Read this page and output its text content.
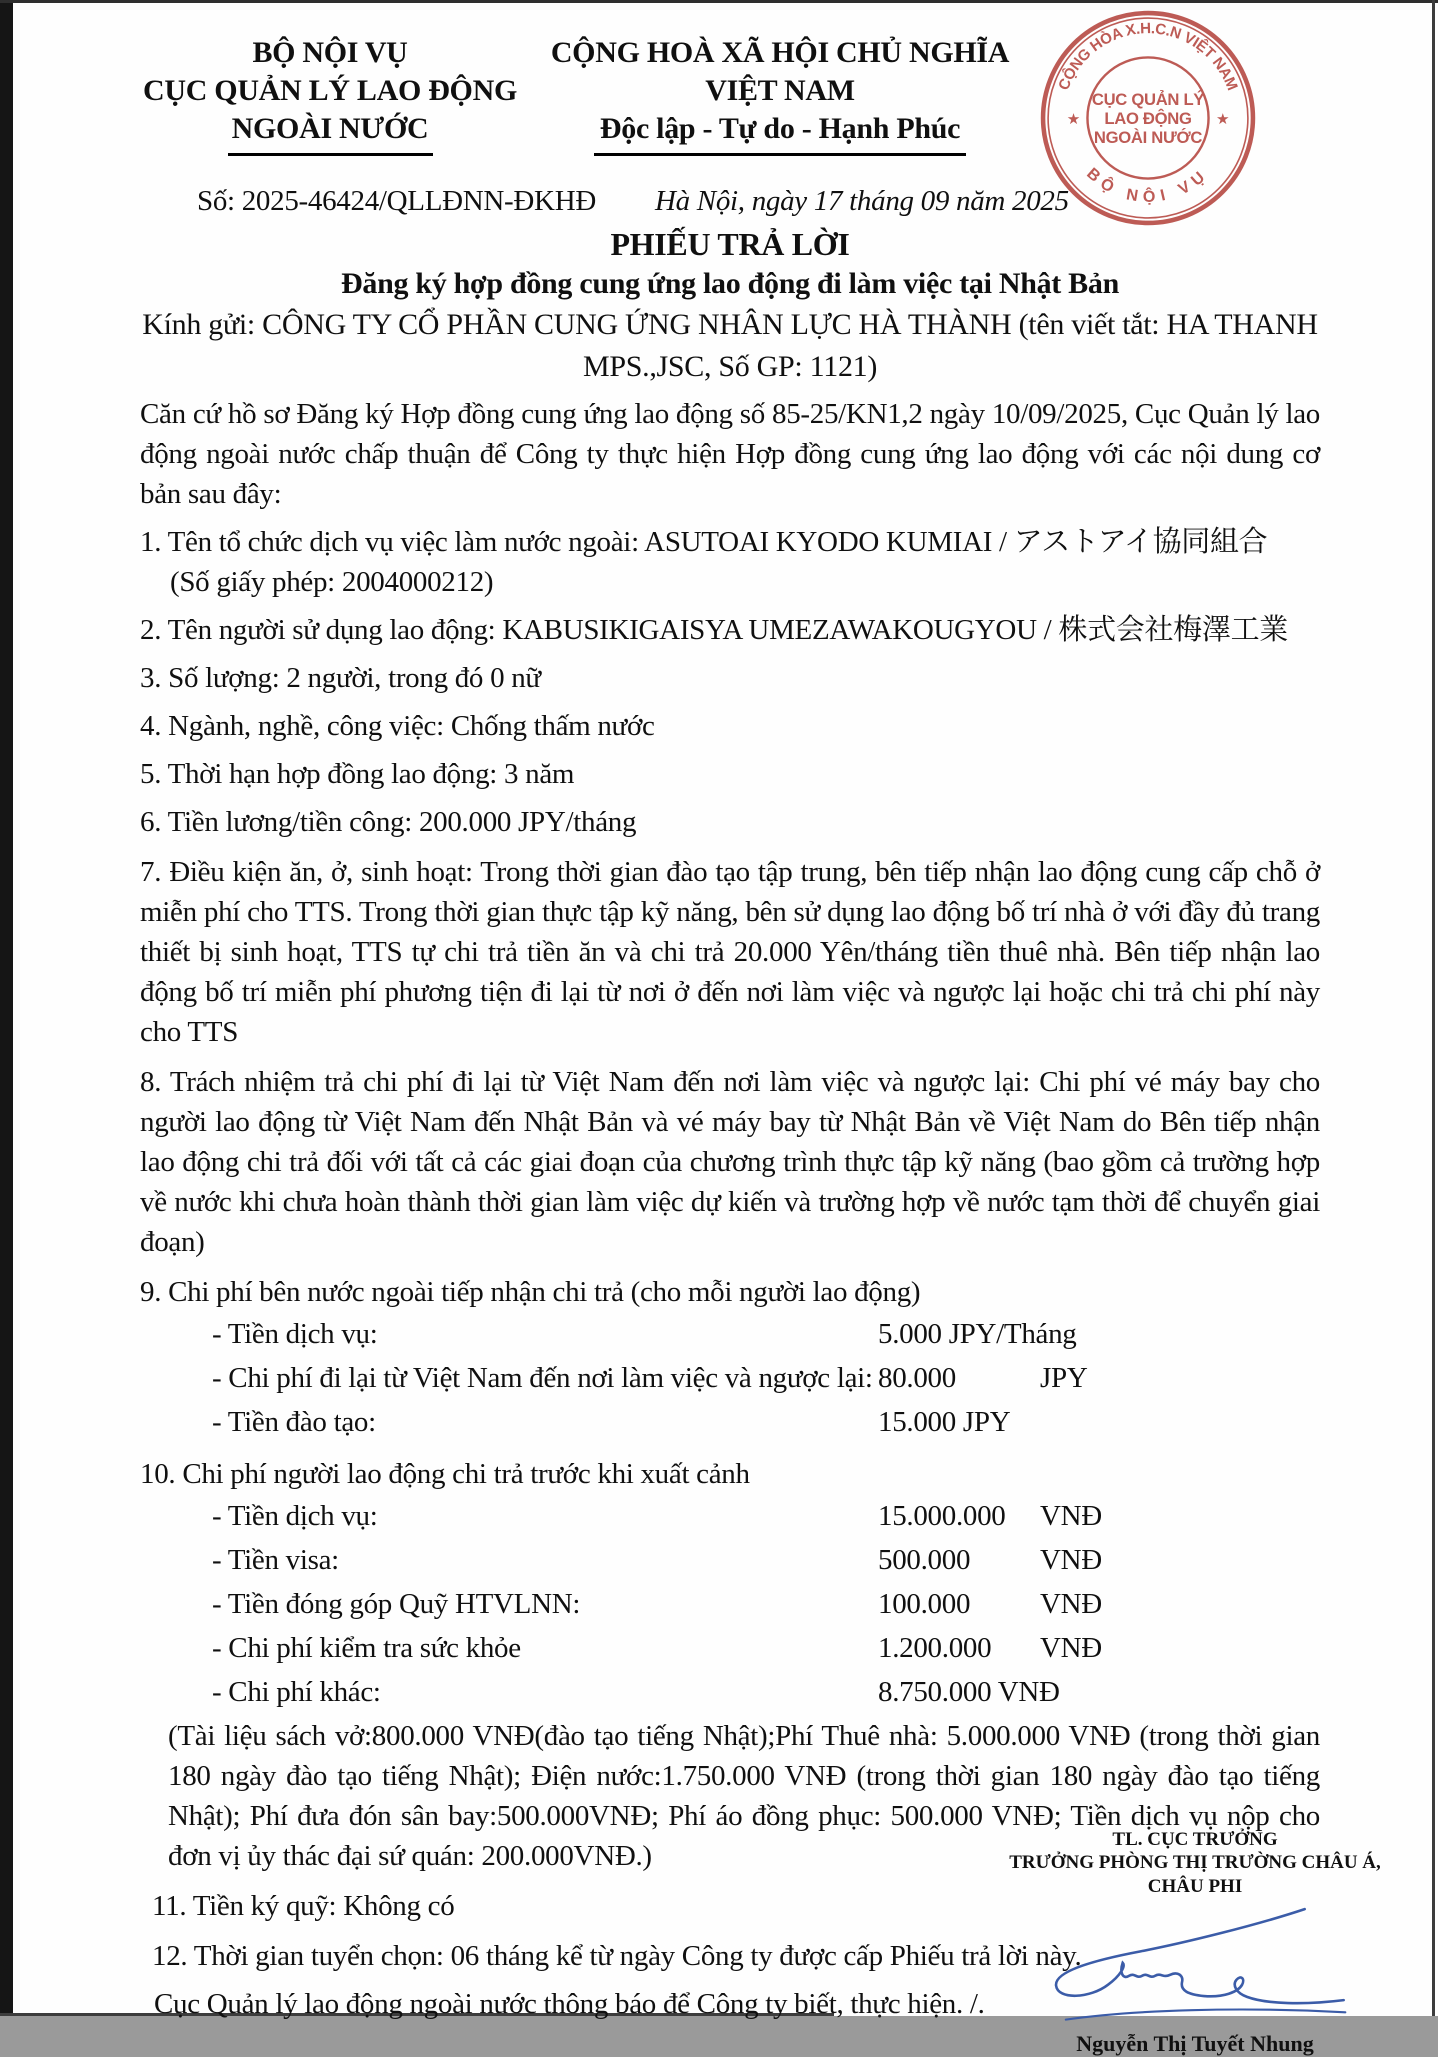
BỘ NỘI VỤ
CỤC QUẢN LÝ LAO ĐỘNG
NGOÀI NƯỚC
CỘNG HOÀ XÃ HỘI CHỦ NGHĨA VIỆT NAM
Độc lập - Tự do - Hạnh Phúc
Số: 2025-46424/QLLĐNN-ĐKHĐ Hà Nội, ngày 17 tháng 09 năm 2025
PHIẾU TRẢ LỜI
Đăng ký hợp đồng cung ứng lao động đi làm việc tại Nhật Bản
Kính gửi: CÔNG TY CỔ PHẦN CUNG ỨNG NHÂN LỰC HÀ THÀNH (tên viết tắt: HA THANH
MPS.,JSC, Số GP: 1121)
Căn cứ hồ sơ Đăng ký Hợp đồng cung ứng lao động số 85-25/KN1,2 ngày 10/09/2025, Cục Quản lý lao động ngoài nước chấp thuận để Công ty thực hiện Hợp đồng cung ứng lao động với các nội dung cơ bản sau đây:
1. Tên tổ chức dịch vụ việc làm nước ngoài: ASUTOAI KYODO KUMIAI / アストアイ協同組合
(Số giấy phép: 2004000212)
2. Tên người sử dụng lao động: KABUSIKIGAISYA UMEZAWAKOUGYOU / 株式会社梅澤工業
3. Số lượng: 2 người, trong đó 0 nữ
4. Ngành, nghề, công việc: Chống thấm nước
5. Thời hạn hợp đồng lao động: 3 năm
6. Tiền lương/tiền công: 200.000 JPY/tháng
7. Điều kiện ăn, ở, sinh hoạt: Trong thời gian đào tạo tập trung, bên tiếp nhận lao động cung cấp chỗ ở miễn phí cho TTS. Trong thời gian thực tập kỹ năng, bên sử dụng lao động bố trí nhà ở với đầy đủ trang thiết bị sinh hoạt, TTS tự chi trả tiền ăn và chi trả 20.000 Yên/tháng tiền thuê nhà. Bên tiếp nhận lao động bố trí miễn phí phương tiện đi lại từ nơi ở đến nơi làm việc và ngược lại hoặc chi trả chi phí này cho TTS
8. Trách nhiệm trả chi phí đi lại từ Việt Nam đến nơi làm việc và ngược lại: Chi phí vé máy bay cho người lao động từ Việt Nam đến Nhật Bản và vé máy bay từ Nhật Bản về Việt Nam do Bên tiếp nhận lao động chi trả đối với tất cả các giai đoạn của chương trình thực tập kỹ năng (bao gồm cả trường hợp về nước khi chưa hoàn thành thời gian làm việc dự kiến và trường hợp về nước tạm thời để chuyển giai đoạn)
9. Chi phí bên nước ngoài tiếp nhận chi trả (cho mỗi người lao động)
- Tiền dịch vụ:	5.000 JPY/Tháng
- Chi phí đi lại từ Việt Nam đến nơi làm việc và ngược lại: 80.000	JPY
- Tiền đào tạo:	15.000 JPY
10. Chi phí người lao động chi trả trước khi xuất cảnh
- Tiền dịch vụ:	15.000.000 VNĐ
- Tiền visa:	500.000 VNĐ
- Tiền đóng góp Quỹ HTVLNN:	100.000 VNĐ
- Chi phí kiểm tra sức khỏe	1.200.000 VNĐ
- Chi phí khác:	8.750.000 VNĐ
(Tài liệu sách vở:800.000 VNĐ(đào tạo tiếng Nhật);Phí Thuê nhà: 5.000.000 VNĐ (trong thời gian 180 ngày đào tạo tiếng Nhật); Điện nước:1.750.000 VNĐ (trong thời gian 180 ngày đào tạo tiếng Nhật); Phí đưa đón sân bay:500.000VNĐ; Phí áo đồng phục: 500.000 VNĐ; Tiền dịch vụ nộp cho đơn vị ủy thác đại sứ quán: 200.000VNĐ.)
11. Tiền ký quỹ: Không có
12. Thời gian tuyển chọn: 06 tháng kể từ ngày Công ty được cấp Phiếu trả lời này.
Cục Quản lý lao động ngoài nước thông báo để Công ty biết, thực hiện. /.
CỘNG HÒA X.H.C.N VIỆT NAM
BỘ NỘI VỤ
★	★
CỤC QUẢN LÝ
LAO ĐỘNG
NGOÀI NƯỚC
TL. CỤC TRƯỞNG
TRƯỞNG PHÒNG THỊ TRƯỜNG CHÂU Á, CHÂU PHI
Nguyễn Thị Tuyết Nhung
